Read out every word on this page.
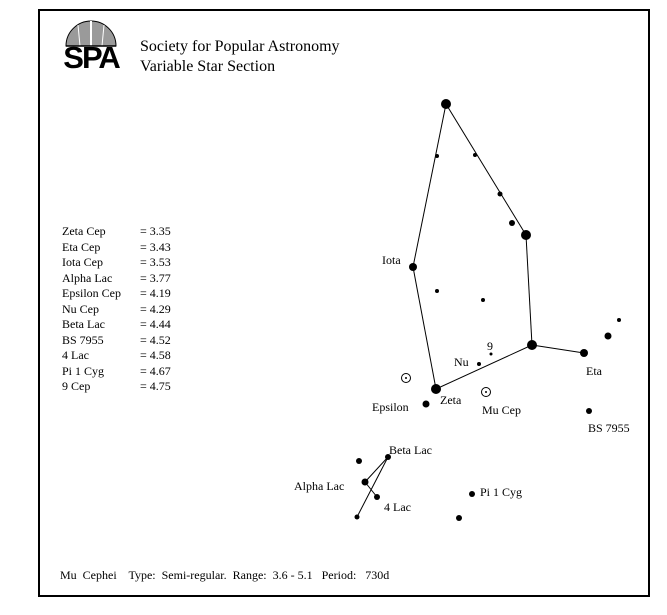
SPA	Society for Popular Astronomy
Variable Star Section
Zeta Cep	= 3.35
Eta Cep	= 3.43
Iota Cep	= 3.53
Alpha Lac = 3.77
Epsilon Cep = 4.19
Nu Cep	= 4.29
Beta Lac	= 4.44
BS 7955	= 4.52
4 Lac	= 4.58
Pi 1 Cyg	= 4.67
9 Cep	= 4.75
Iota
9
Nu
Eta
Zeta
Epsilon	Mu Cep
BS 7955
Beta Lac
Alpha Lac
4 Lac
Pi 1 Cyg
Mu  Cephei Type:  Semi-regular. Range:  3.6 - 5.1 Period:   730d
